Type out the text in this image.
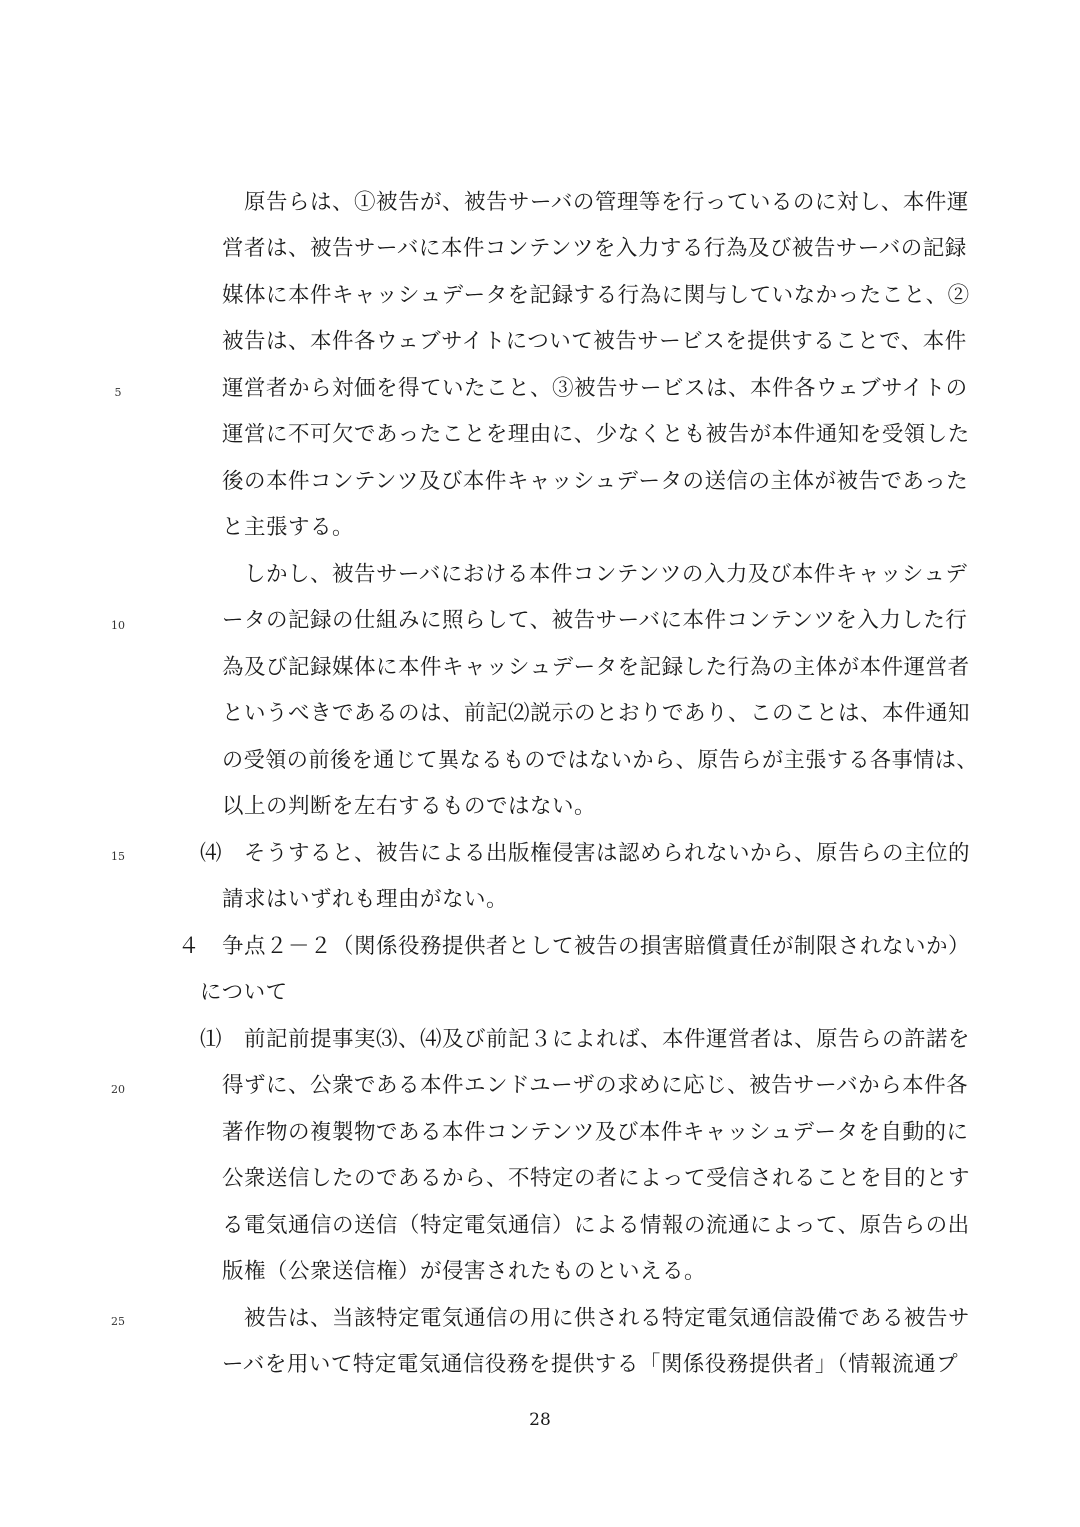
5
10
15
20
25
　原告らは、①被告が、被告サーバの管理等を行っているのに対し、本件運
営者は、被告サーバに本件コンテンツを入力する行為及び被告サーバの記録
媒体に本件キャッシュデータを記録する行為に関与していなかったこと、②
被告は、本件各ウェブサイトについて被告サービスを提供することで、本件
運営者から対価を得ていたこと、③被告サービスは、本件各ウェブサイトの
運営に不可欠であったことを理由に、少なくとも被告が本件通知を受領した
後の本件コンテンツ及び本件キャッシュデータの送信の主体が被告であった
と主張する。
　しかし、被告サーバにおける本件コンテンツの入力及び本件キャッシュデ
ータの記録の仕組みに照らして、被告サーバに本件コンテンツを入力した行
為及び記録媒体に本件キャッシュデータを記録した行為の主体が本件運営者
というべきであるのは、前記⑵説示のとおりであり、このことは、本件通知
の受領の前後を通じて異なるものではないから、原告らが主張する各事情は、
以上の判断を左右するものではない。
⑷　そうすると、被告による出版権侵害は認められないから、原告らの主位的
請求はいずれも理由がない。
４　争点２－２（関係役務提供者として被告の損害賠償責任が制限されないか）
について
⑴　前記前提事実⑶、⑷及び前記３によれば、本件運営者は、原告らの許諾を
得ずに、公衆である本件エンドユーザの求めに応じ、被告サーバから本件各
著作物の複製物である本件コンテンツ及び本件キャッシュデータを自動的に
公衆送信したのであるから、不特定の者によって受信されることを目的とす
る電気通信の送信（特定電気通信）による情報の流通によって、原告らの出
版権（公衆送信権）が侵害されたものといえる。
　被告は、当該特定電気通信の用に供される特定電気通信設備である被告サ
ーバを用いて特定電気通信役務を提供する「関係役務提供者」（情報流通プ
28
